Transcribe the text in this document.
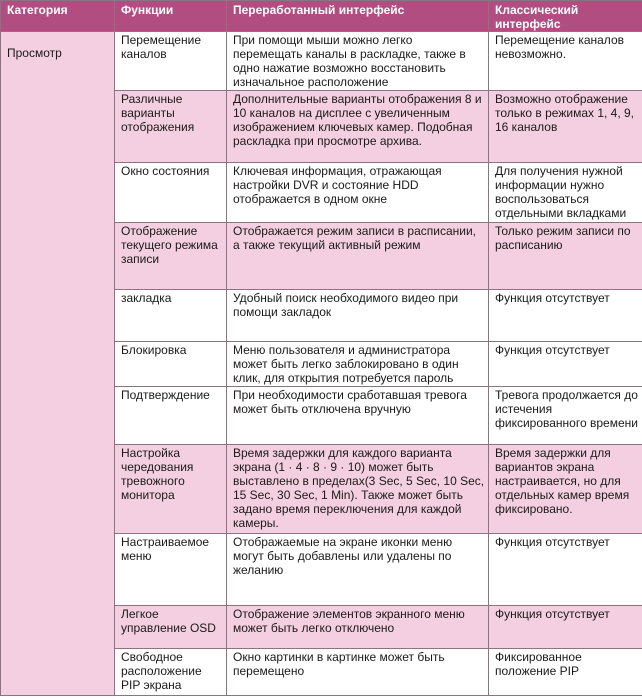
Категория	Функции	Переработанный интерфейс	Классический интерфейс
Просмотр	Перемещение каналов	При помощи мыши можно легко перемещать каналы в раскладке, также в одно нажатие возможно восстановить изначальное расположение	Перемещение каналов невозможно.
	Различные варианты отображения	Дополнительные варианты отображения 8 и 10 каналов на дисплее с увеличенным изображением ключевых камер. Подобная раскладка при просмотре архива.	Возможно отображение только в режимах 1, 4, 9, 16 каналов
	Окно состояния	Ключевая информация, отражающая настройки DVR и состояние HDD отображается в одном окне	Для получения нужной информации нужно воспользоваться отдельными вкладками
	Отображение текущего режима записи	Отображается режим записи в расписании, а также текущий активный режим	Только режим записи по расписанию
	закладка	Удобный поиск необходимого видео при помощи закладок	Функция отсутствует
	Блокировка	Меню пользователя и администратора может быть легко заблокировано в один клик, для открытия потребуется пароль	Функция отсутствует
	Подтверждение	При необходимости сработавшая тревога может быть отключена вручную	Тревога продолжается до истечения фиксированного времени
	Настройка чередования тревожного монитора	Время задержки для каждого варианта экрана (1 · 4 · 8 · 9 · 10) может быть выставлено в пределах(3 Sec, 5 Sec, 10 Sec, 15 Sec, 30 Sec, 1 Min). Также может быть задано время переключения для каждой камеры.	Время задержки для вариантов экрана настраивается, но для отдельных камер время фиксировано.
	Настраиваемое меню	Отображаемые на экране иконки меню могут быть добавлены или удалены по желанию	Функция отсутствует
	Легкое управление OSD	Отображение элементов экранного меню может быть легко отключено	Функция отсутствует
	Свободное расположение PIP экрана	Окно картинки в картинке может быть перемещено	Фиксированное положение PIP
